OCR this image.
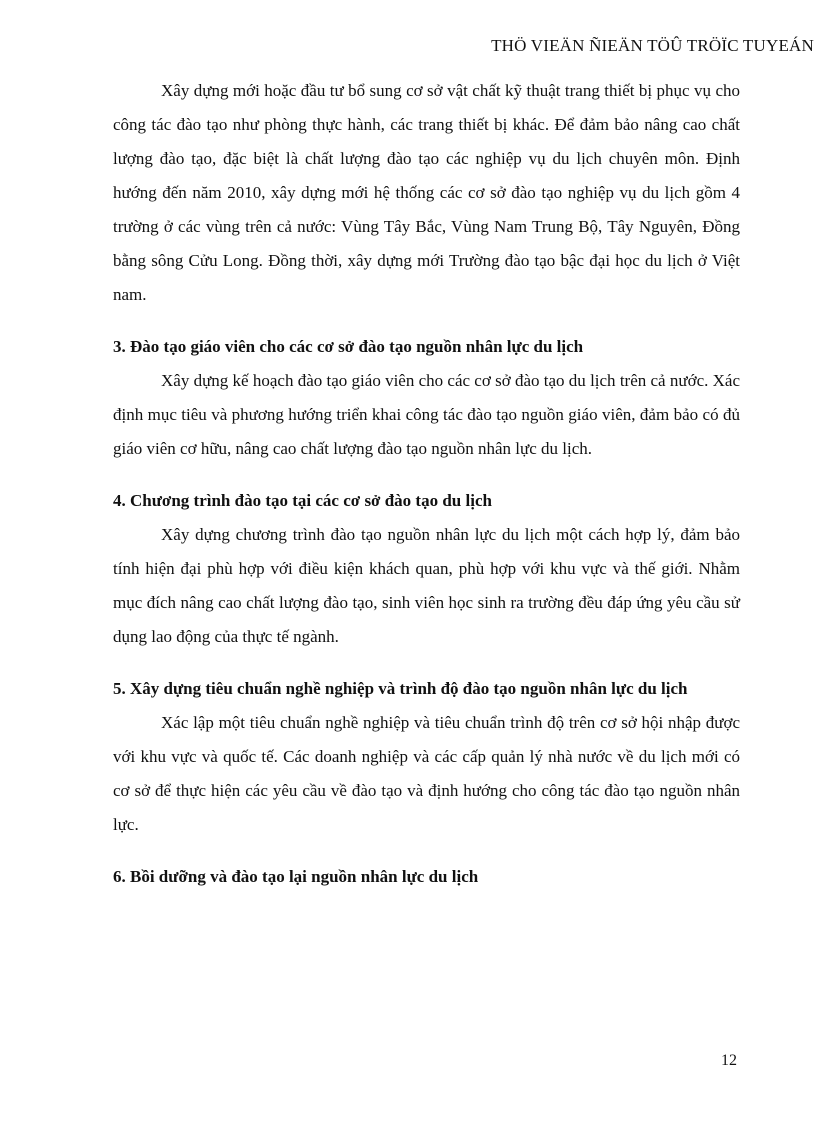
THÖ VIEÄN ÑIEÄN TÖÛ TRÖÏC TUYEÁN

Xây dựng mới hoặc đầu tư bổ sung cơ sở vật chất kỹ thuật trang thiết bị phục vụ cho công tác đào tạo như phòng thực hành, các trang thiết bị khác. Để đảm bảo nâng cao chất lượng đào tạo, đặc biệt là chất lượng đào tạo các nghiệp vụ du lịch chuyên môn. Định hướng đến năm 2010, xây dựng mới hệ thống các cơ sở đào tạo nghiệp vụ du lịch gồm 4 trường ở các vùng trên cả nước: Vùng Tây Bắc, Vùng Nam Trung Bộ, Tây Nguyên, Đồng bằng sông Cửu Long. Đồng thời, xây dựng mới Trường đào tạo bậc đại học du lịch ở Việt nam.

3. Đào tạo giáo viên cho các cơ sở đào tạo nguồn nhân lực du lịch

Xây dựng kế hoạch đào tạo giáo viên cho các cơ sở đào tạo du lịch trên cả nước. Xác định mục tiêu và phương hướng triển khai công tác đào tạo nguồn giáo viên, đảm bảo có đủ giáo viên cơ hữu, nâng cao chất lượng đào tạo nguồn nhân lực du lịch.

4. Chương trình đào tạo tại các cơ sở đào tạo du lịch

Xây dựng chương trình đào tạo nguồn nhân lực du lịch một cách hợp lý, đảm bảo tính hiện đại phù hợp với điều kiện khách quan, phù hợp với khu vực và thế giới. Nhằm mục đích nâng cao chất lượng đào tạo, sinh viên học sinh ra trường đều đáp ứng yêu cầu sử dụng lao động của thực tế ngành.

5. Xây dựng tiêu chuẩn nghề nghiệp và trình độ đào tạo nguồn nhân lực du lịch

Xác lập một tiêu chuẩn nghề nghiệp và tiêu chuẩn trình độ trên cơ sở hội nhập được với khu vực và quốc tế. Các doanh nghiệp và các cấp quản lý nhà nước về du lịch mới có cơ sở để thực hiện các yêu cầu về đào tạo và định hướng cho công tác đào tạo nguồn nhân lực.

6. Bồi dưỡng và đào tạo lại nguồn nhân lực du lịch

12
